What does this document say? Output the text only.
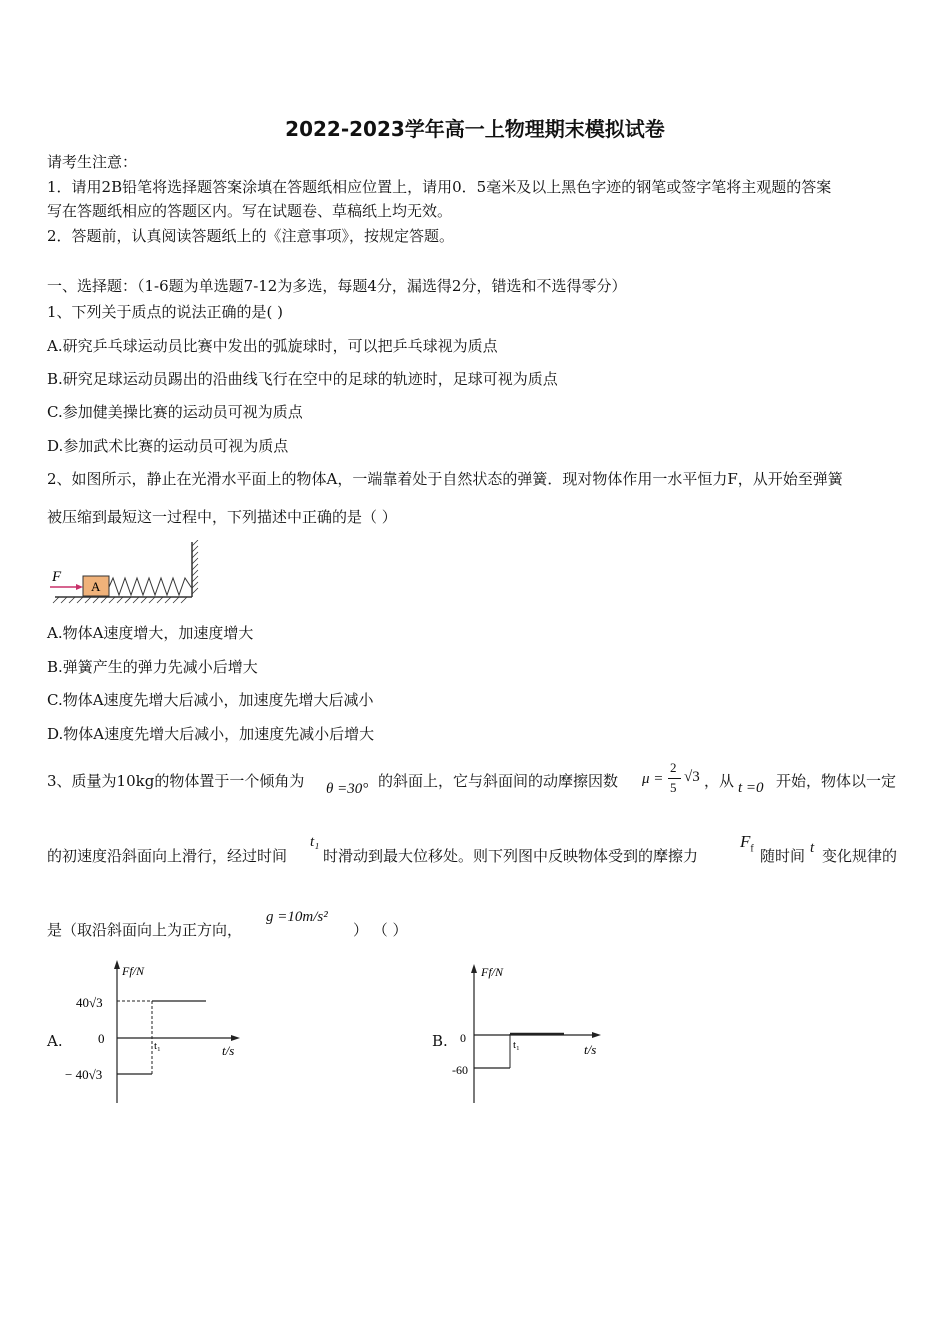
2022-2023学年高一上物理期末模拟试卷
请考生注意：
1．请用2B铅笔将选择题答案涂填在答题纸相应位置上，请用0．5毫米及以上黑色字迹的钢笔或签字笔将主观题的答案
写在答题纸相应的答题区内。写在试题卷、草稿纸上均无效。
2．答题前，认真阅读答题纸上的《注意事项》，按规定答题。
一、选择题：（1-6题为单选题7-12为多选，每题4分，漏选得2分，错选和不选得零分）
1、下列关于质点的说法正确的是( )
A.研究乒乓球运动员比赛中发出的弧旋球时，可以把乒乓球视为质点
B.研究足球运动员踢出的沿曲线飞行在空中的足球的轨迹时，足球可视为质点
C.参加健美操比赛的运动员可视为质点
D.参加武术比赛的运动员可视为质点
2、如图所示，静止在光滑水平面上的物体A，一端靠着处于自然状态的弹簧．现对物体作用一水平恒力F，从开始至弹簧
被压缩到最短这一过程中，下列描述中正确的是（ ）
F
A
A.物体A速度增大，加速度增大
B.弹簧产生的弹力先减小后增大
C.物体A速度先增大后减小，加速度先增大后减小
D.物体A速度先增大后减小，加速度先减小后增大
3、质量为10kg的物体置于一个倾角为 θ =30° 的斜面上，它与斜面间的动摩擦因数 μ =
2
5
√3 ，从 t =0 开始，物体以一定
的初速度沿斜面向上滑行，经过时间
t₁
时滑动到最大位移处。则下列图中反映物体受到的摩擦力
$F_f$ 随时间 t 变化规律的
是（取沿斜面向上为正方向，
g =10m/s²
） （ ）
A.
Ff/N
t/s
40√3
0
− 40√3
t₁	B.
Ff/N
t/s
0
-60
t₁
